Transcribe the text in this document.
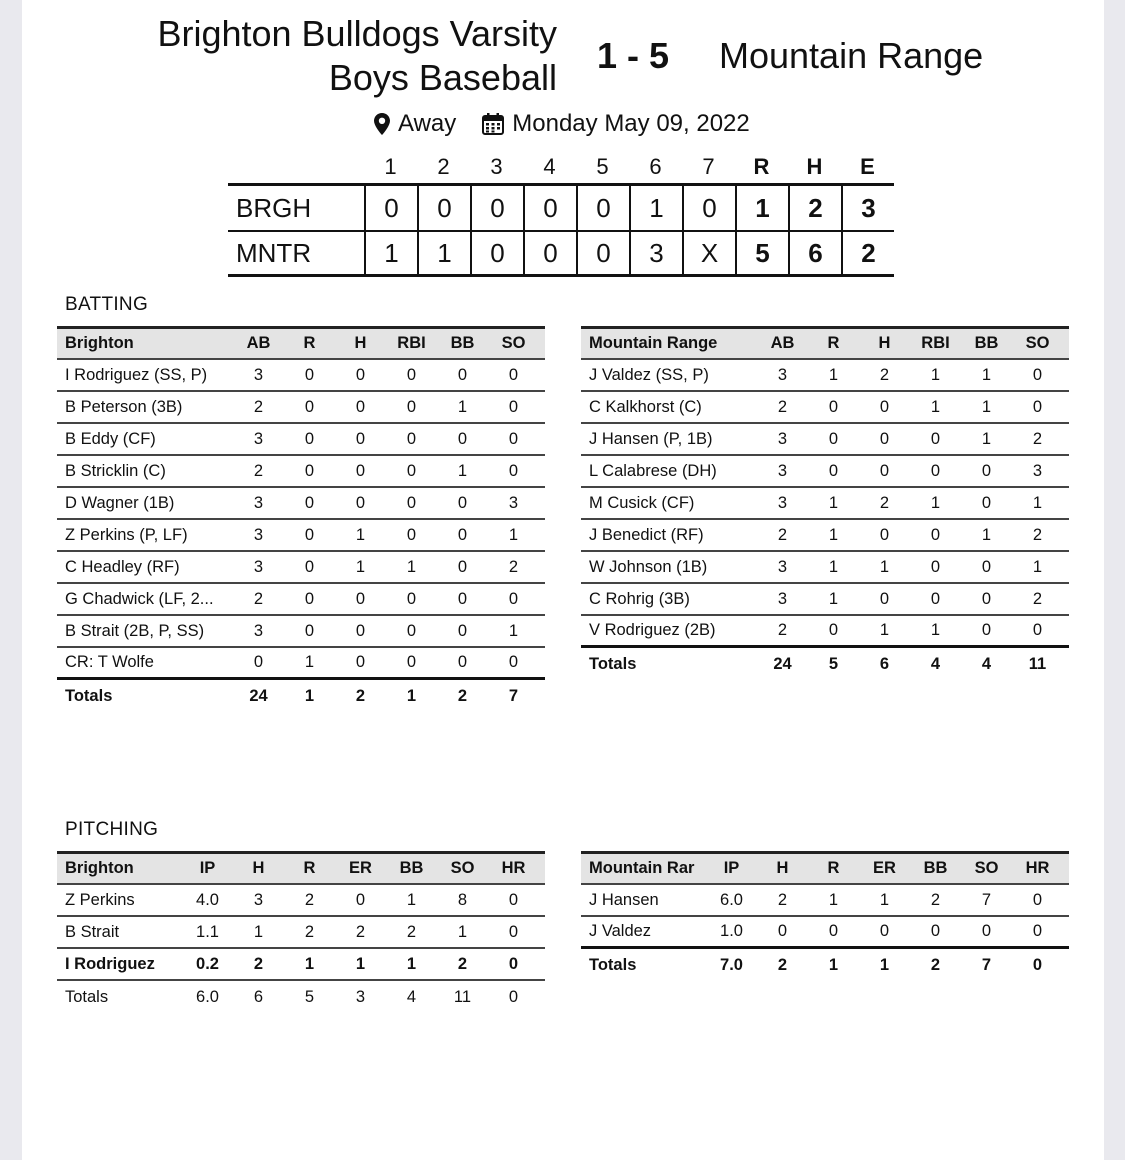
Brighton Bulldogs Varsity
Boys Baseball
1 - 5 Mountain Range
Away Monday May 09, 2022
1	2	3	4	5	6	7	R	H	E
BRGH	0	0	0	0	0	1	0	1	2	3
MNTR	1	1	0	0	0	3	X	5	6	2
BATTING
Brighton	AB	R	H	RBI	BB	SO
I Rodriguez (SS, P)	3	0	0	0	0	0
B Peterson (3B)	2	0	0	0	1	0
B Eddy (CF)	3	0	0	0	0	0
B Stricklin (C)	2	0	0	0	1	0
D Wagner (1B)	3	0	0	0	0	3
Z Perkins (P, LF)	3	0	1	0	0	1
C Headley (RF)	3	0	1	1	0	2
G Chadwick (LF, 2...	2	0	0	0	0	0
B Strait (2B, P, SS)	3	0	0	0	0	1
CR: T Wolfe	0	1	0	0	0	0
Totals	24	1	2	1	2	7
Mountain Range	AB	R	H	RBI	BB	SO
J Valdez (SS, P)	3	1	2	1	1	0
C Kalkhorst (C)	2	0	0	1	1	0
J Hansen (P, 1B)	3	0	0	0	1	2
L Calabrese (DH)	3	0	0	0	0	3
M Cusick (CF)	3	1	2	1	0	1
J Benedict (RF)	2	1	0	0	1	2
W Johnson (1B)	3	1	1	0	0	1
C Rohrig (3B)	3	1	0	0	0	2
V Rodriguez (2B)	2	0	1	1	0	0
Totals	24	5	6	4	4	11
PITCHING
Brighton	IP	H	R	ER	BB	SO	HR
Z Perkins	4.0	3	2	0	1	8	0
B Strait	1.1	1	2	2	2	1	0
I Rodriguez	0.2	2	1	1	1	2	0
Totals	6.0	6	5	3	4	11	0
Mountain Rar	IP	H	R	ER	BB	SO	HR
J Hansen	6.0	2	1	1	2	7	0
J Valdez	1.0	0	0	0	0	0	0
Totals	7.0	2	1	1	2	7	0
